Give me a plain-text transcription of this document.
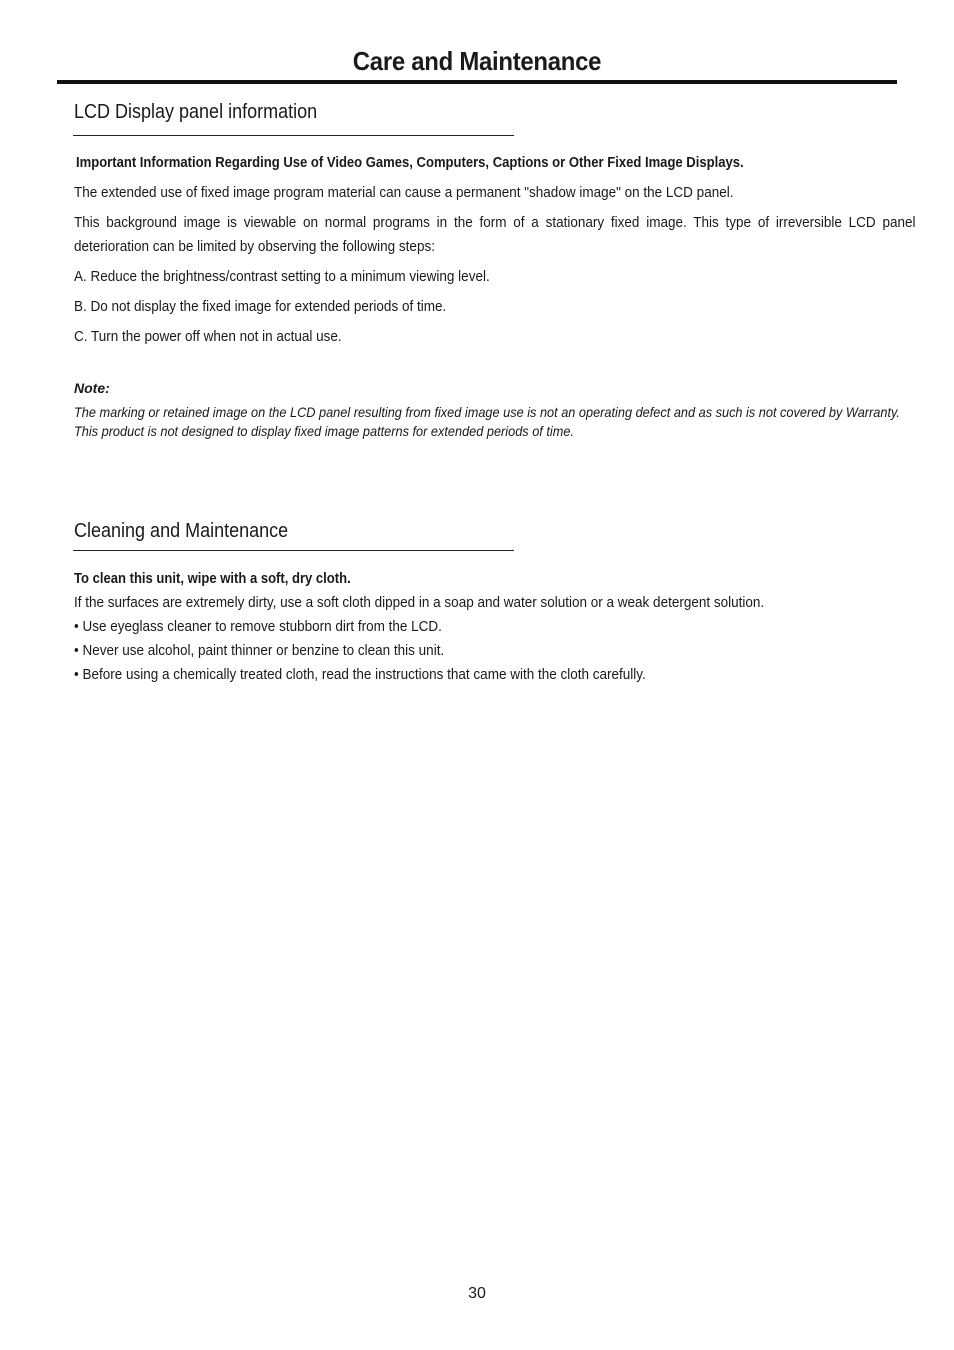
Care and Maintenance
LCD Display panel information
Important Information Regarding Use of Video Games, Computers, Captions or Other Fixed Image Displays.
The extended use of fixed image program material can cause a permanent "shadow image" on the LCD panel.
This background image is viewable on normal programs in the form of a stationary fixed image. This type of irreversible LCD panel deterioration can be limited by observing the following steps:
A. Reduce the brightness/contrast setting to a minimum viewing level.
B. Do not display the fixed image for extended periods of time.
C. Turn the power off when not in actual use.
Note:
The marking or retained image on the LCD panel resulting from fixed image use is not an operating defect and as such is not covered by Warranty. This product is not designed to display fixed image patterns for extended periods of time.
Cleaning and Maintenance
To clean this unit, wipe with a soft, dry cloth.
If the surfaces are extremely dirty, use a soft cloth dipped in a soap and water solution or a weak detergent solution.
• Use eyeglass cleaner to remove stubborn dirt from the LCD.
• Never use alcohol, paint thinner or benzine to clean this unit.
• Before using a chemically treated cloth, read the instructions that came with the cloth carefully.
30
